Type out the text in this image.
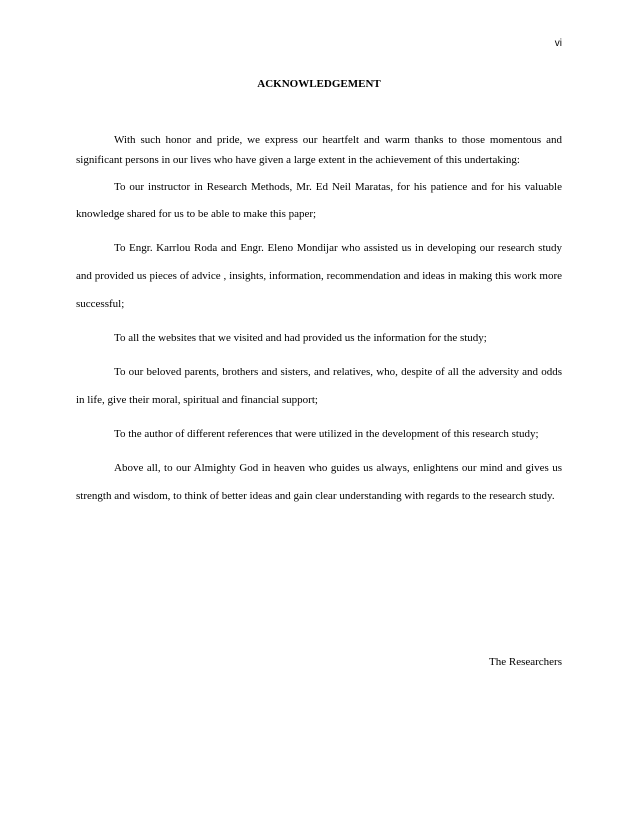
vi
ACKNOWLEDGEMENT

With such honor and pride, we express our heartfelt and warm thanks to those momentous and significant persons in our lives who have given a large extent in the achievement of this undertaking:

To our instructor in Research Methods, Mr. Ed Neil Maratas, for his patience and for his valuable knowledge shared for us to be able to make this paper;

To Engr. Karrlou Roda and Engr. Eleno Mondijar who assisted us in developing our research study and provided us pieces of advice , insights, information, recommendation and ideas in making this work more successful;

To all the websites that we visited and had provided us the information for the study;

To our beloved parents, brothers and sisters, and relatives, who, despite of all the adversity and odds in life, give their moral, spiritual and financial support;

To the author of different references that were utilized in the development of this research study;

Above all, to our Almighty God in heaven who guides us always, enlightens our mind and gives us strength and wisdom, to think of better ideas and gain clear understanding with regards to the research study.

The Researchers
